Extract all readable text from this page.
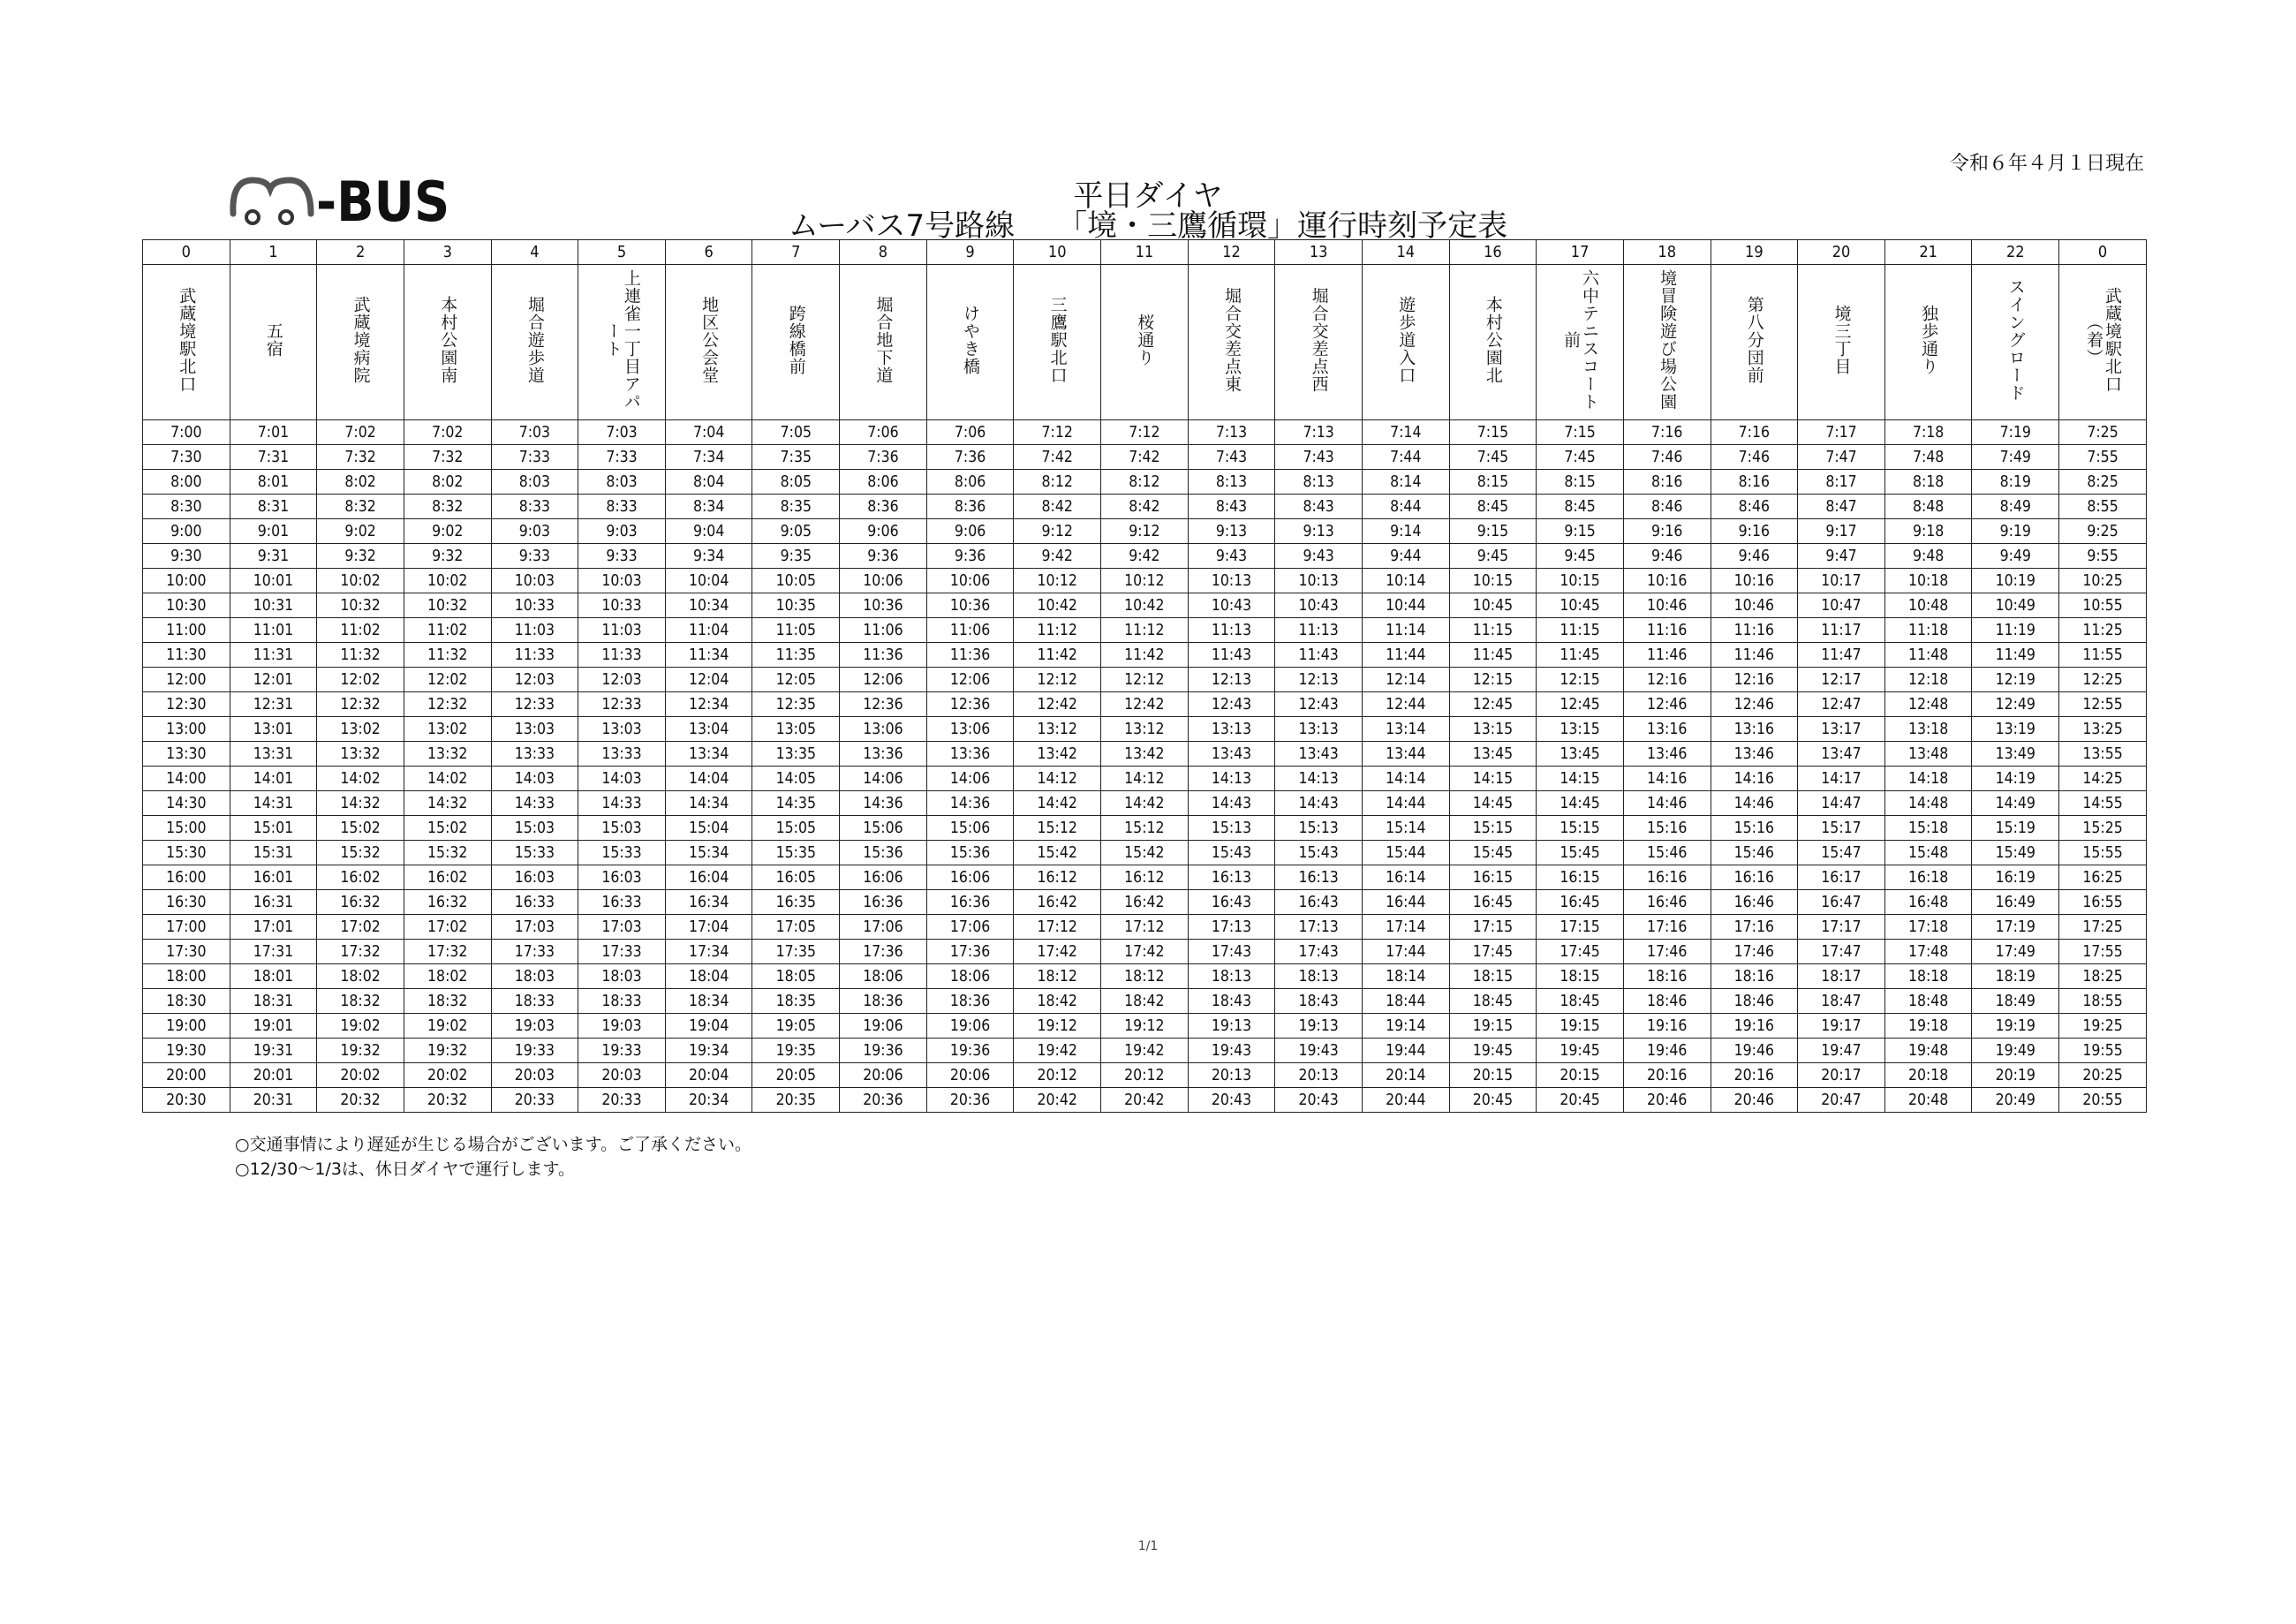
令和６年４月１日現在
-BUS	平日ダイヤ
ムーバス7号路線 「境・三鷹循環」運行時刻予定表
0	1	2	3	4	5	6	7	8	9	10	11	12	13	14	16	17	18	19	20	21	22	0
武蔵境駅北口	五宿	武蔵境病院	本村公園南	堀合遊歩道	上連雀一丁目アパート	地区公会堂	跨線橋前	堀合地下道	けやき橋	三鷹駅北口	桜通り	堀合交差点東	堀合交差点西	遊歩道入口	本村公園北	六中テニスコート前	境冒険遊び場公園	第八分団前	境三丁目	独歩通り	スイングロード	武蔵境駅北口（着）
7:00	7:01	7:02	7:02	7:03	7:03	7:04	7:05	7:06	7:06	7:12	7:12	7:13	7:13	7:14	7:15	7:15	7:16	7:16	7:17	7:18	7:19	7:25
7:30	7:31	7:32	7:32	7:33	7:33	7:34	7:35	7:36	7:36	7:42	7:42	7:43	7:43	7:44	7:45	7:45	7:46	7:46	7:47	7:48	7:49	7:55
8:00	8:01	8:02	8:02	8:03	8:03	8:04	8:05	8:06	8:06	8:12	8:12	8:13	8:13	8:14	8:15	8:15	8:16	8:16	8:17	8:18	8:19	8:25
8:30	8:31	8:32	8:32	8:33	8:33	8:34	8:35	8:36	8:36	8:42	8:42	8:43	8:43	8:44	8:45	8:45	8:46	8:46	8:47	8:48	8:49	8:55
9:00	9:01	9:02	9:02	9:03	9:03	9:04	9:05	9:06	9:06	9:12	9:12	9:13	9:13	9:14	9:15	9:15	9:16	9:16	9:17	9:18	9:19	9:25
9:30	9:31	9:32	9:32	9:33	9:33	9:34	9:35	9:36	9:36	9:42	9:42	9:43	9:43	9:44	9:45	9:45	9:46	9:46	9:47	9:48	9:49	9:55
10:00	10:01	10:02	10:02	10:03	10:03	10:04	10:05	10:06	10:06	10:12	10:12	10:13	10:13	10:14	10:15	10:15	10:16	10:16	10:17	10:18	10:19	10:25
10:30	10:31	10:32	10:32	10:33	10:33	10:34	10:35	10:36	10:36	10:42	10:42	10:43	10:43	10:44	10:45	10:45	10:46	10:46	10:47	10:48	10:49	10:55
11:00	11:01	11:02	11:02	11:03	11:03	11:04	11:05	11:06	11:06	11:12	11:12	11:13	11:13	11:14	11:15	11:15	11:16	11:16	11:17	11:18	11:19	11:25
11:30	11:31	11:32	11:32	11:33	11:33	11:34	11:35	11:36	11:36	11:42	11:42	11:43	11:43	11:44	11:45	11:45	11:46	11:46	11:47	11:48	11:49	11:55
12:00	12:01	12:02	12:02	12:03	12:03	12:04	12:05	12:06	12:06	12:12	12:12	12:13	12:13	12:14	12:15	12:15	12:16	12:16	12:17	12:18	12:19	12:25
12:30	12:31	12:32	12:32	12:33	12:33	12:34	12:35	12:36	12:36	12:42	12:42	12:43	12:43	12:44	12:45	12:45	12:46	12:46	12:47	12:48	12:49	12:55
13:00	13:01	13:02	13:02	13:03	13:03	13:04	13:05	13:06	13:06	13:12	13:12	13:13	13:13	13:14	13:15	13:15	13:16	13:16	13:17	13:18	13:19	13:25
13:30	13:31	13:32	13:32	13:33	13:33	13:34	13:35	13:36	13:36	13:42	13:42	13:43	13:43	13:44	13:45	13:45	13:46	13:46	13:47	13:48	13:49	13:55
14:00	14:01	14:02	14:02	14:03	14:03	14:04	14:05	14:06	14:06	14:12	14:12	14:13	14:13	14:14	14:15	14:15	14:16	14:16	14:17	14:18	14:19	14:25
14:30	14:31	14:32	14:32	14:33	14:33	14:34	14:35	14:36	14:36	14:42	14:42	14:43	14:43	14:44	14:45	14:45	14:46	14:46	14:47	14:48	14:49	14:55
15:00	15:01	15:02	15:02	15:03	15:03	15:04	15:05	15:06	15:06	15:12	15:12	15:13	15:13	15:14	15:15	15:15	15:16	15:16	15:17	15:18	15:19	15:25
15:30	15:31	15:32	15:32	15:33	15:33	15:34	15:35	15:36	15:36	15:42	15:42	15:43	15:43	15:44	15:45	15:45	15:46	15:46	15:47	15:48	15:49	15:55
16:00	16:01	16:02	16:02	16:03	16:03	16:04	16:05	16:06	16:06	16:12	16:12	16:13	16:13	16:14	16:15	16:15	16:16	16:16	16:17	16:18	16:19	16:25
16:30	16:31	16:32	16:32	16:33	16:33	16:34	16:35	16:36	16:36	16:42	16:42	16:43	16:43	16:44	16:45	16:45	16:46	16:46	16:47	16:48	16:49	16:55
17:00	17:01	17:02	17:02	17:03	17:03	17:04	17:05	17:06	17:06	17:12	17:12	17:13	17:13	17:14	17:15	17:15	17:16	17:16	17:17	17:18	17:19	17:25
17:30	17:31	17:32	17:32	17:33	17:33	17:34	17:35	17:36	17:36	17:42	17:42	17:43	17:43	17:44	17:45	17:45	17:46	17:46	17:47	17:48	17:49	17:55
18:00	18:01	18:02	18:02	18:03	18:03	18:04	18:05	18:06	18:06	18:12	18:12	18:13	18:13	18:14	18:15	18:15	18:16	18:16	18:17	18:18	18:19	18:25
18:30	18:31	18:32	18:32	18:33	18:33	18:34	18:35	18:36	18:36	18:42	18:42	18:43	18:43	18:44	18:45	18:45	18:46	18:46	18:47	18:48	18:49	18:55
19:00	19:01	19:02	19:02	19:03	19:03	19:04	19:05	19:06	19:06	19:12	19:12	19:13	19:13	19:14	19:15	19:15	19:16	19:16	19:17	19:18	19:19	19:25
19:30	19:31	19:32	19:32	19:33	19:33	19:34	19:35	19:36	19:36	19:42	19:42	19:43	19:43	19:44	19:45	19:45	19:46	19:46	19:47	19:48	19:49	19:55
20:00	20:01	20:02	20:02	20:03	20:03	20:04	20:05	20:06	20:06	20:12	20:12	20:13	20:13	20:14	20:15	20:15	20:16	20:16	20:17	20:18	20:19	20:25
20:30	20:31	20:32	20:32	20:33	20:33	20:34	20:35	20:36	20:36	20:42	20:42	20:43	20:43	20:44	20:45	20:45	20:46	20:46	20:47	20:48	20:49	20:55
○交通事情により遅延が生じる場合がございます。ご了承ください。
○12/30～1/3は、休日ダイヤで運行します。
1/1
